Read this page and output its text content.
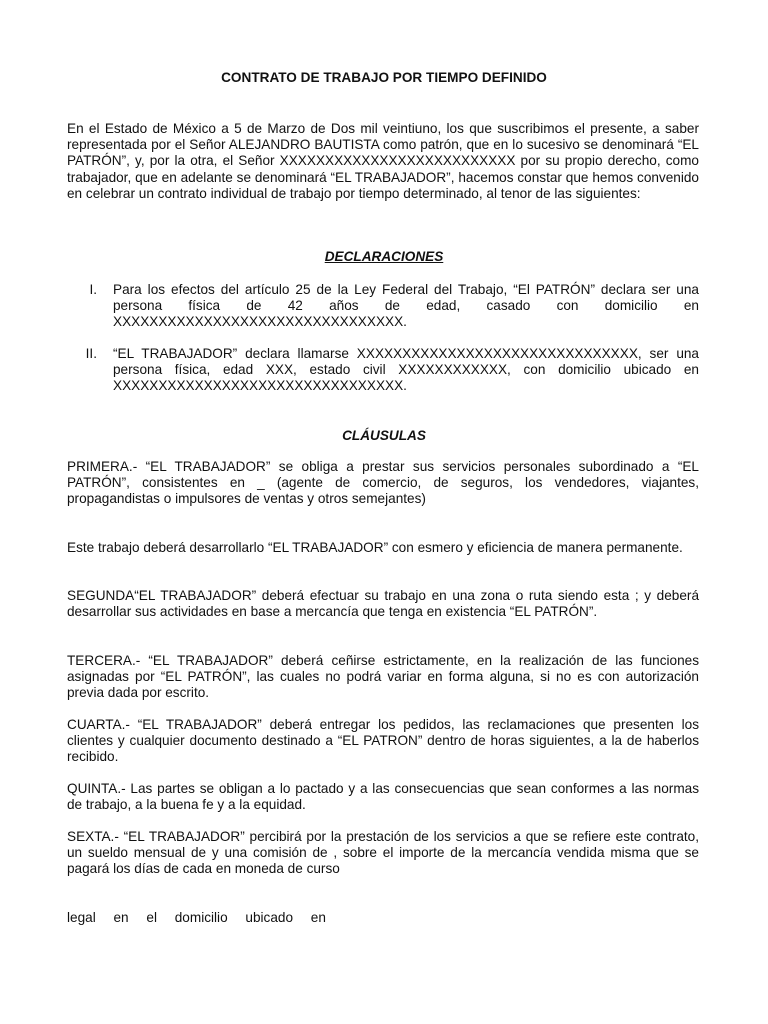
CONTRATO DE TRABAJO POR TIEMPO DEFINIDO
En el Estado de México a 5 de Marzo de Dos mil veintiuno, los que suscribimos el presente, a saber representada por el Señor ALEJANDRO BAUTISTA como patrón, que en lo sucesivo se denominará “EL PATRÓN”, y, por la otra, el Señor XXXXXXXXXXXXXXXXXXXXXXXXXX por su propio derecho, como trabajador, que en adelante se denominará “EL TRABAJADOR”, hacemos constar que hemos convenido en celebrar un contrato individual de trabajo por tiempo determinado, al tenor de las siguientes:
DECLARACIONES
I. Para los efectos del artículo 25 de la Ley Federal del Trabajo, “El PATRÓN” declara ser una persona física de 42 años de edad, casado con domicilio en XXXXXXXXXXXXXXXXXXXXXXXXXXXXXXXX.
II. “EL TRABAJADOR” declara llamarse XXXXXXXXXXXXXXXXXXXXXXXXXXXXXXX, ser una persona física, edad XXX, estado civil XXXXXXXXXXXX, con domicilio ubicado en XXXXXXXXXXXXXXXXXXXXXXXXXXXXXXXX.
CLÁUSULAS
PRIMERA.- “EL TRABAJADOR” se obliga a prestar sus servicios personales subordinado a “EL PATRÓN”, consistentes en _ (agente de comercio, de seguros, los vendedores, viajantes, propagandistas o impulsores de ventas y otros semejantes)
Este trabajo deberá desarrollarlo “EL TRABAJADOR” con esmero y eficiencia de manera permanente.
SEGUNDA“EL TRABAJADOR” deberá efectuar su trabajo en una zona o ruta siendo esta ; y deberá desarrollar sus actividades en base a mercancía que tenga en existencia “EL PATRÓN”.
TERCERA.- “EL TRABAJADOR” deberá ceñirse estrictamente, en la realización de las funciones asignadas por “EL PATRÓN”, las cuales no podrá variar en forma alguna, si no es con autorización previa dada por escrito.
CUARTA.- “EL TRABAJADOR” deberá entregar los pedidos, las reclamaciones que presenten los clientes y cualquier documento destinado a “EL PATRON” dentro de horas siguientes, a la de haberlos recibido.
QUINTA.- Las partes se obligan a lo pactado y a las consecuencias que sean conformes a las normas de trabajo, a la buena fe y a la equidad.
SEXTA.- “EL TRABAJADOR” percibirá por la prestación de los servicios a que se refiere este contrato, un sueldo mensual de y una comisión de , sobre el importe de la mercancía vendida misma que se pagará los días de cada en moneda de curso
legal en el domicilio ubicado en
